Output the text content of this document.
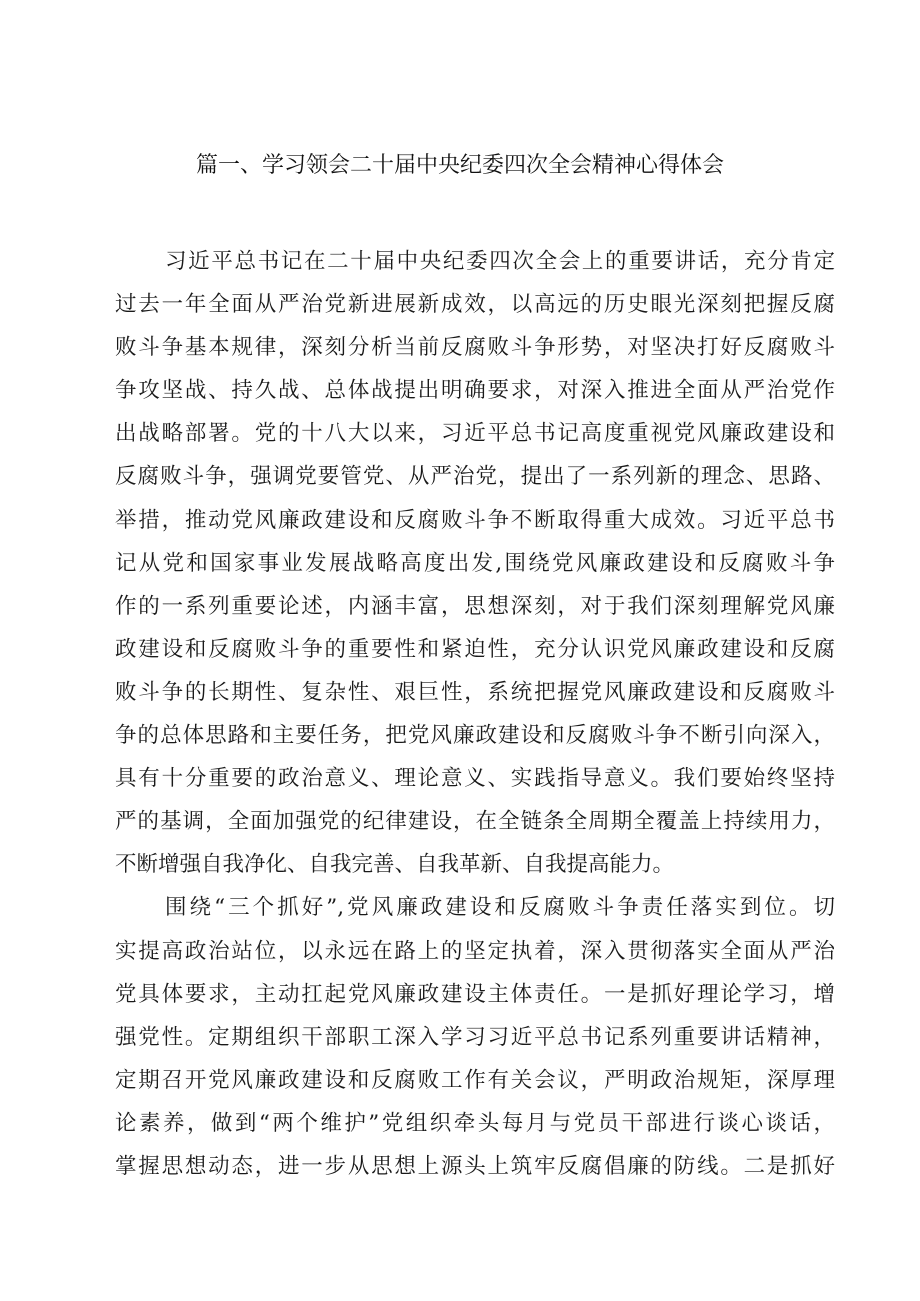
篇一、学习领会二十届中央纪委四次全会精神心得体会
习近平总书记在二十届中央纪委四次全会上的重要讲话，充分肯定
过去一年全面从严治党新进展新成效，以高远的历史眼光深刻把握反腐
败斗争基本规律，深刻分析当前反腐败斗争形势，对坚决打好反腐败斗
争攻坚战、持久战、总体战提出明确要求，对深入推进全面从严治党作
出战略部署。党的十八大以来，习近平总书记高度重视党风廉政建设和
反腐败斗争，强调党要管党、从严治党，提出了一系列新的理念、思路、
举措，推动党风廉政建设和反腐败斗争不断取得重大成效。习近平总书
记从党和国家事业发展战略高度出发,围绕党风廉政建设和反腐败斗争
作的一系列重要论述，内涵丰富，思想深刻，对于我们深刻理解党风廉
政建设和反腐败斗争的重要性和紧迫性，充分认识党风廉政建设和反腐
败斗争的长期性、复杂性、艰巨性，系统把握党风廉政建设和反腐败斗
争的总体思路和主要任务，把党风廉政建设和反腐败斗争不断引向深入，
具有十分重要的政治意义、理论意义、实践指导意义。我们要始终坚持
严的基调，全面加强党的纪律建设，在全链条全周期全覆盖上持续用力，
不断增强自我净化、自我完善、自我革新、自我提高能力。
围绕“三个抓好”,党风廉政建设和反腐败斗争责任落实到位。切
实提高政治站位，以永远在路上的坚定执着，深入贯彻落实全面从严治
党具体要求，主动扛起党风廉政建设主体责任。一是抓好理论学习，增
强党性。定期组织干部职工深入学习习近平总书记系列重要讲话精神，
定期召开党风廉政建设和反腐败工作有关会议，严明政治规矩，深厚理
论素养，做到“两个维护”党组织牵头每月与党员干部进行谈心谈话，
掌握思想动态，进一步从思想上源头上筑牢反腐倡廉的防线。二是抓好
